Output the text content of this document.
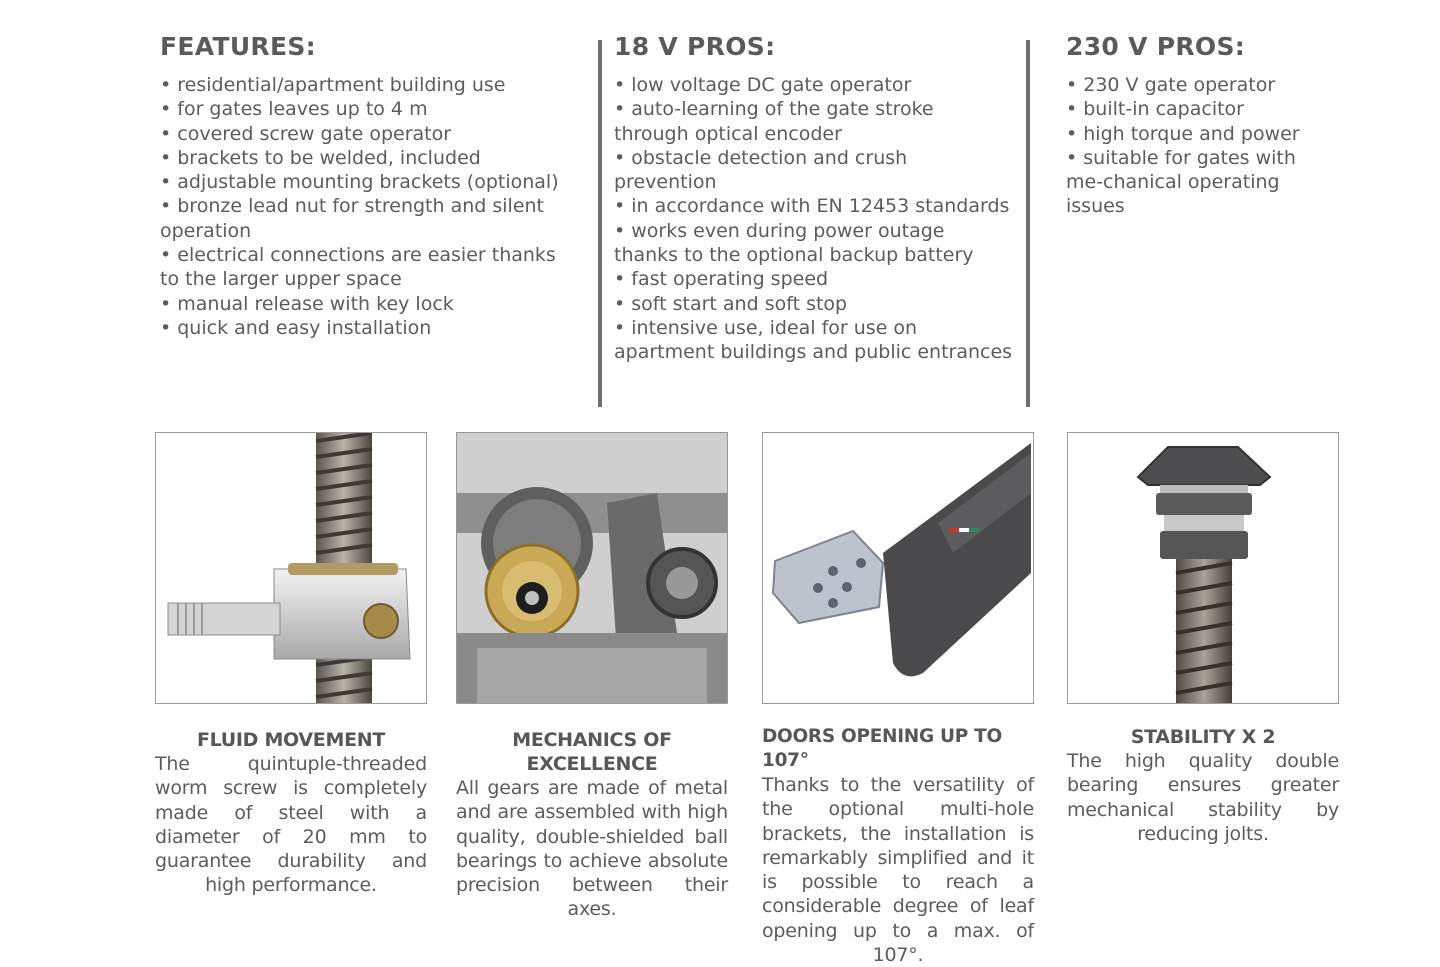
FEATURES:
• residential/apartment building use
• for gates leaves up to 4 m
• covered screw gate operator
• brackets to be welded, included
• adjustable mounting brackets (optional)
• bronze lead nut for strength and silent operation
• electrical connections are easier thanks to the larger upper space
• manual release with key lock
• quick and easy installation
18 V PROS:
• low voltage DC gate operator
• auto-learning of the gate stroke through optical encoder
• obstacle detection and crush prevention
• in accordance with EN 12453 standards
• works even during power outage thanks to the optional backup battery
• fast operating speed
• soft start and soft stop
• intensive use, ideal for use on apartment buildings and public entrances
230 V PROS:
• 230 V gate operator
• built-in capacitor
• high torque and power
• suitable for gates with me-chanical operating issues
FLUID MOVEMENT

The quintuple-threaded worm screw is completely made of steel with a diameter of 20 mm to guarantee durability and high performance.

MECHANICS OF EXCELLENCE

All gears are made of metal and are assembled with high quality, double-shielded ball bearings to achieve absolute precision between their axes.

DOORS OPENING UP TO 107°

Thanks to the versatility of the optional multi-hole brackets, the installation is remarkably simplified and it is possible to reach a considerable degree of leaf opening up to a max. of 107°.

STABILITY X 2

The high quality double bearing ensures greater mechanical stability by reducing jolts.
